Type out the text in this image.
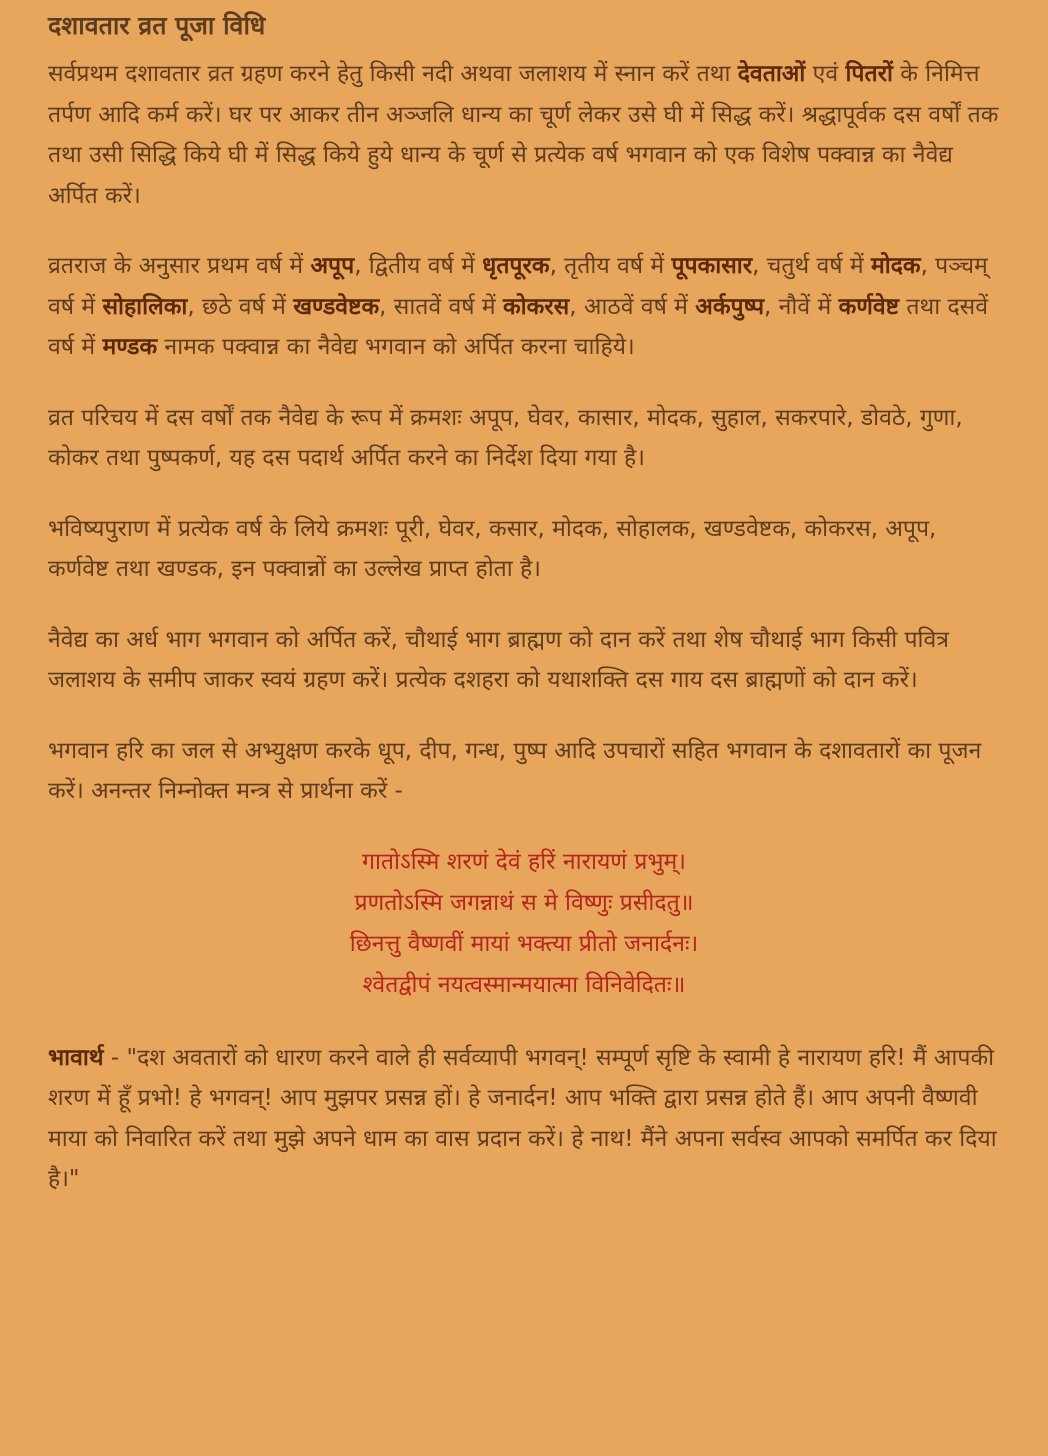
दशावतार व्रत पूजा विधि

सर्वप्रथम दशावतार व्रत ग्रहण करने हेतु किसी नदी अथवा जलाशय में स्नान करें तथा देवताओं एवं पितरों के निमित्त तर्पण आदि कर्म करें। घर पर आकर तीन अञ्जलि धान्य का चूर्ण लेकर उसे घी में सिद्ध करें। श्रद्धापूर्वक दस वर्षों तक तथा उसी सिद्धि किये घी में सिद्ध किये हुये धान्य के चूर्ण से प्रत्येक वर्ष भगवान को एक विशेष पक्वान्न का नैवेद्य अर्पित करें।

व्रतराज के अनुसार प्रथम वर्ष में अपूप, द्वितीय वर्ष में धृतपूरक, तृतीय वर्ष में पूपकासार, चतुर्थ वर्ष में मोदक, पञ्चम् वर्ष में सोहालिका, छठे वर्ष में खण्डवेष्टक, सातवें वर्ष में कोकरस, आठवें वर्ष में अर्कपुष्प, नौवें में कर्णवेष्ट तथा दसवें वर्ष में मण्डक नामक पक्वान्न का नैवेद्य भगवान को अर्पित करना चाहिये।

व्रत परिचय में दस वर्षों तक नैवेद्य के रूप में क्रमशः अपूप, घेवर, कासार, मोदक, सुहाल, सकरपारे, डोवठे, गुणा, कोकर तथा पुष्पकर्ण, यह दस पदार्थ अर्पित करने का निर्देश दिया गया है।

भविष्यपुराण में प्रत्येक वर्ष के लिये क्रमशः पूरी, घेवर, कसार, मोदक, सोहालक, खण्डवेष्टक, कोकरस, अपूप, कर्णवेष्ट तथा खण्डक, इन पक्वान्नों का उल्लेख प्राप्त होता है।

नैवेद्य का अर्ध भाग भगवान को अर्पित करें, चौथाई भाग ब्राह्मण को दान करें तथा शेष चौथाई भाग किसी पवित्र जलाशय के समीप जाकर स्वयं ग्रहण करें। प्रत्येक दशहरा को यथाशक्ति दस गाय दस ब्राह्मणों को दान करें।

भगवान हरि का जल से अभ्युक्षण करके धूप, दीप, गन्ध, पुष्प आदि उपचारों सहित भगवान के दशावतारों का पूजन करें। अनन्तर निम्नोक्त मन्त्र से प्रार्थना करें -

गातोऽस्मि शरणं देवं हरिं नारायणं प्रभुम्।
प्रणतोऽस्मि जगन्नाथं स मे विष्णुः प्रसीदतु॥
छिनत्तु वैष्णवीं मायां भक्त्या प्रीतो जनार्दनः।
श्वेतद्वीपं नयत्वस्मान्मयात्मा विनिवेदितः॥

भावार्थ - "दश अवतारों को धारण करने वाले ही सर्वव्यापी भगवन्! सम्पूर्ण सृष्टि के स्वामी हे नारायण हरि! मैं आपकी शरण में हूँ प्रभो! हे भगवन्! आप मुझपर प्रसन्न हों। हे जनार्दन! आप भक्ति द्वारा प्रसन्न होते हैं। आप अपनी वैष्णवी माया को निवारित करें तथा मुझे अपने धाम का वास प्रदान करें। हे नाथ! मैंने अपना सर्वस्व आपको समर्पित कर दिया है।"
